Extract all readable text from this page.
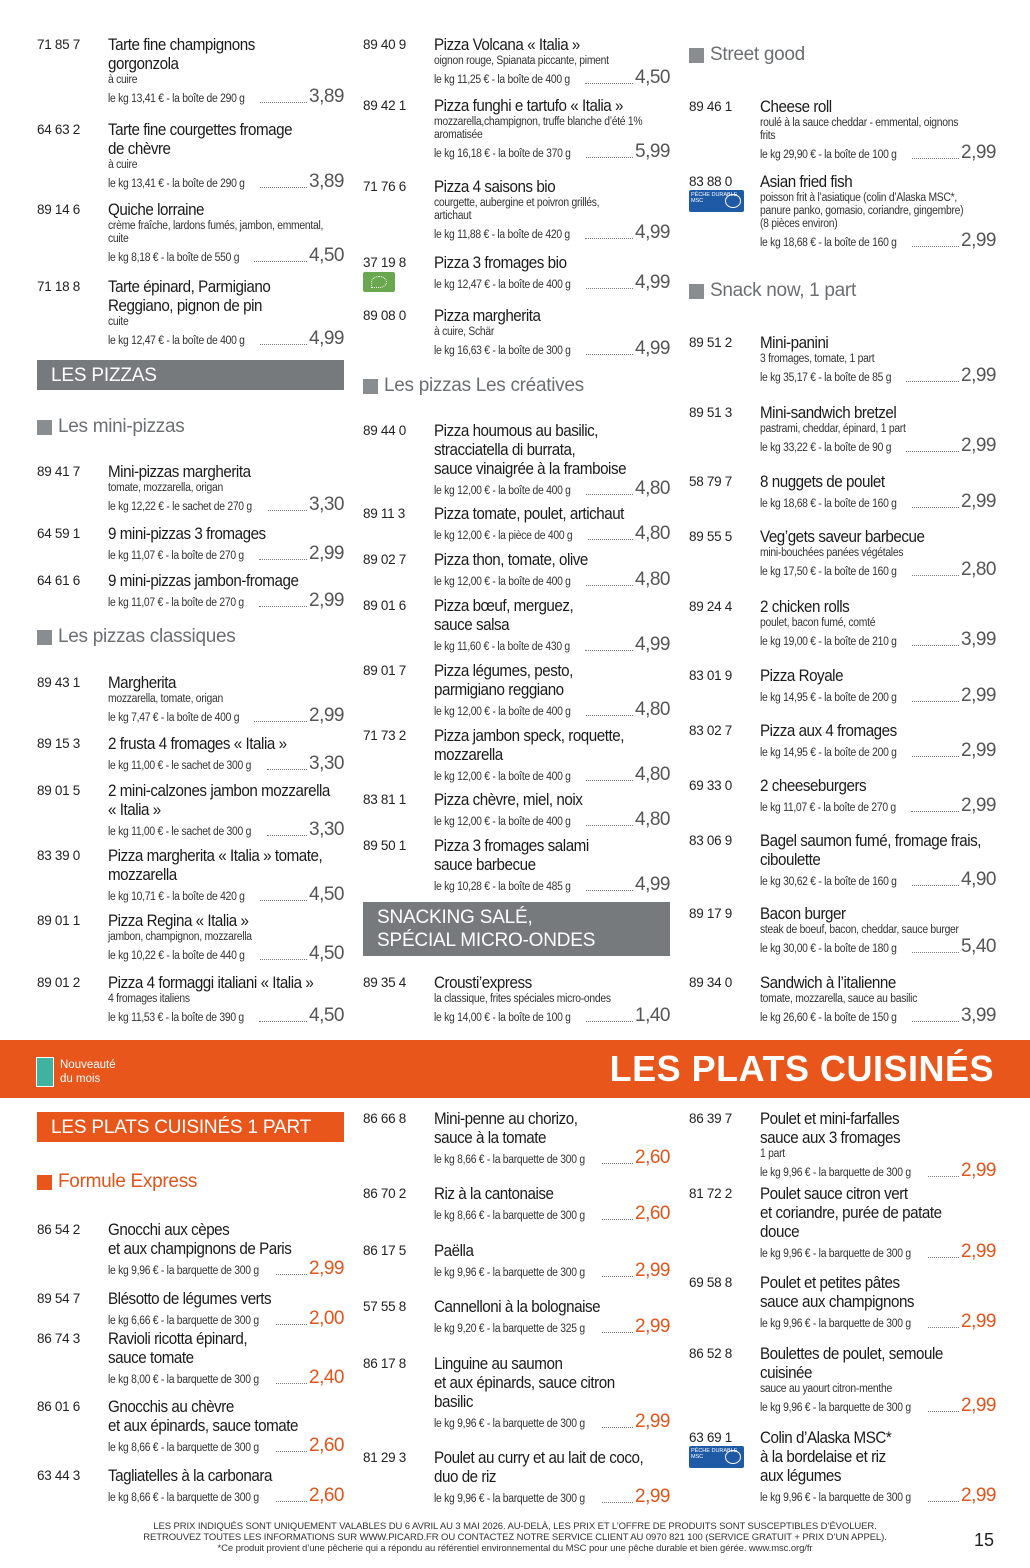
71 85 7 Tarte fine champignons
gorgonzola
à cuire
le kg 13,41 € - la boîte de 290 g	3,89
64 63 2 Tarte fine courgettes fromage
de chèvre
à cuire
le kg 13,41 € - la boîte de 290 g	3,89
89 14 6 Quiche lorraine
crème fraîche, lardons fumés, jambon, emmental,
cuite
le kg 8,18 € - la boîte de 550 g	4,50
71 18 8 Tarte épinard, Parmigiano
Reggiano, pignon de pin
cuite
le kg 12,47 € - la boîte de 400 g	4,99
89 41 7 Mini-pizzas margherita
tomate, mozzarella, origan
le kg 12,22 € - le sachet de 270 g	3,30
64 59 1 9 mini-pizzas 3 fromages
le kg 11,07 € - la boîte de 270 g	2,99
64 61 6 9 mini-pizzas jambon-fromage
le kg 11,07 € - la boîte de 270 g	2,99
89 43 1 Margherita
mozzarella, tomate, origan
le kg 7,47 € - la boîte de 400 g	2,99
89 15 3 2 frusta 4 fromages « Italia »
le kg 11,00 € - le sachet de 300 g	3,30
89 01 5 2 mini-calzones jambon mozzarella
« Italia »
le kg 11,00 € - le sachet de 300 g	3,30
83 39 0 Pizza margherita « Italia » tomate,
mozzarella
le kg 10,71 € - la boîte de 420 g	4,50
89 01 1 Pizza Regina « Italia »
jambon, champignon, mozzarella
le kg 10,22 € - la boîte de 440 g	4,50
89 01 2 Pizza 4 formaggi italiani « Italia »
4 fromages italiens
le kg 11,53 € - la boîte de 390 g	4,50
89 40 9 Pizza Volcana « Italia »
oignon rouge, Spianata piccante, piment
le kg 11,25 € - la boîte de 400 g	4,50
89 42 1 Pizza funghi e tartufo « Italia »
mozzarella,champignon, truffe blanche d’été 1%
aromatisée
le kg 16,18 € - la boîte de 370 g	5,99
71 76 6 Pizza 4 saisons bio
courgette, aubergine et poivron grillés,
artichaut
le kg 11,88 € - la boîte de 420 g	4,99
37 19 8 Pizza 3 fromages bio
le kg 12,47 € - la boîte de 400 g	4,99
89 08 0 Pizza margherita
à cuire, Schär
le kg 16,63 € - la boîte de 300 g	4,99
89 44 0 Pizza houmous au basilic,
stracciatella di burrata,
sauce vinaigrée à la framboise
le kg 12,00 € - la boîte de 400 g	4,80
89 11 3 Pizza tomate, poulet, artichaut
le kg 12,00 € - la pièce de 400 g	4,80
89 02 7 Pizza thon, tomate, olive
le kg 12,00 € - la boîte de 400 g	4,80
89 01 6 Pizza bœuf, merguez,
sauce salsa
le kg 11,60 € - la boîte de 430 g	4,99
89 01 7 Pizza légumes, pesto,
parmigiano reggiano
le kg 12,00 € - la boîte de 400 g	4,80
71 73 2 Pizza jambon speck, roquette,
mozzarella
le kg 12,00 € - la boîte de 400 g	4,80
83 81 1 Pizza chèvre, miel, noix
le kg 12,00 € - la boîte de 400 g	4,80
89 50 1 Pizza 3 fromages salami
sauce barbecue
le kg 10,28 € - la boîte de 485 g	4,99
89 35 4 Crousti’express
la classique, frites spéciales micro-ondes
le kg 14,00 € - la boîte de 100 g	1,40
89 46 1 Cheese roll
roulé à la sauce cheddar - emmental, oignons
frits
le kg 29,90 € - la boîte de 100 g	2,99
83 88 0 Asian fried fish
poisson frit à l’asiatique (colin d’Alaska MSC*,
panure panko, gomasio, coriandre, gingembre)
(8 pièces environ)
le kg 18,68 € - la boîte de 160 g	2,99
89 51 2 Mini-panini
3 fromages, tomate, 1 part
le kg 35,17 € - la boîte de 85 g	2,99
89 51 3 Mini-sandwich bretzel
pastrami, cheddar, épinard, 1 part
le kg 33,22 € - la boîte de 90 g	2,99
58 79 7 8 nuggets de poulet
le kg 18,68 € - la boîte de 160 g	2,99
89 55 5 Veg’gets saveur barbecue
mini-bouchées panées végétales
le kg 17,50 € - la boîte de 160 g	2,80
89 24 4 2 chicken rolls
poulet, bacon fumé, comté
le kg 19,00 € - la boîte de 210 g	3,99
83 01 9 Pizza Royale
le kg 14,95 € - la boîte de 200 g	2,99
83 02 7 Pizza aux 4 fromages
le kg 14,95 € - la boîte de 200 g	2,99
69 33 0 2 cheeseburgers
le kg 11,07 € - la boîte de 270 g	2,99
83 06 9 Bagel saumon fumé, fromage frais,
ciboulette
le kg 30,62 € - la boîte de 160 g	4,90
89 17 9 Bacon burger
steak de boeuf, bacon, cheddar, sauce burger
le kg 30,00 € - la boîte de 180 g	5,40
89 34 0 Sandwich à l’italienne
tomate, mozzarella, sauce au basilic
le kg 26,60 € - la boîte de 150 g	3,99
86 54 2 Gnocchi aux cèpes
et aux champignons de Paris
le kg 9,96 € - la barquette de 300 g	2,99
89 54 7 Blésotto de légumes verts
le kg 6,66 € - la barquette de 300 g	2,00
86 74 3 Ravioli ricotta épinard,
sauce tomate
le kg 8,00 € - la barquette de 300 g	2,40
86 01 6 Gnocchis au chèvre
et aux épinards, sauce tomate
le kg 8,66 € - la barquette de 300 g	2,60
63 44 3 Tagliatelles à la carbonara
le kg 8,66 € - la barquette de 300 g	2,60
86 66 8 Mini-penne au chorizo,
sauce à la tomate
le kg 8,66 € - la barquette de 300 g	2,60
86 70 2 Riz à la cantonaise
le kg 8,66 € - la barquette de 300 g	2,60
86 17 5 Paëlla
le kg 9,96 € - la barquette de 300 g	2,99
57 55 8 Cannelloni à la bolognaise
le kg 9,20 € - la barquette de 325 g	2,99
86 17 8 Linguine au saumon
et aux épinards, sauce citron
basilic
le kg 9,96 € - la barquette de 300 g	2,99
81 29 3 Poulet au curry et au lait de coco,
duo de riz
le kg 9,96 € - la barquette de 300 g	2,99
86 39 7 Poulet et mini-farfalles
sauce aux 3 fromages
1 part
le kg 9,96 € - la barquette de 300 g	2,99
81 72 2 Poulet sauce citron vert
et coriandre, purée de patate
douce
le kg 9,96 € - la barquette de 300 g	2,99
69 58 8 Poulet et petites pâtes
sauce aux champignons
le kg 9,96 € - la barquette de 300 g	2,99
86 52 8 Boulettes de poulet, semoule
cuisinée
sauce au yaourt citron-menthe
le kg 9,96 € - la barquette de 300 g	2,99
63 69 1 Colin d’Alaska MSC*
à la bordelaise et riz
aux légumes
le kg 9,96 € - la barquette de 300 g	2,99
LES PIZZAS
SNACKING SALÉ,
SPÉCIAL MICRO-ONDES
LES PLATS CUISINÉS 1 PART
Les mini-pizzas
Les pizzas classiques
Les pizzas Les créatives
Street good
Snack now, 1 part
Formule Express
PÊCHE DURABLE MSC
PÊCHE DURABLE MSC
Nouveauté
du mois	LES PLATS CUISINÉS
LES PRIX INDIQUÉS SONT UNIQUEMENT VALABLES DU 6 AVRIL AU 3 MAI 2026. AU-DELÀ, LES PRIX ET L’OFFRE DE PRODUITS SONT SUSCEPTIBLES D’ÉVOLUER.
RETROUVEZ TOUTES LES INFORMATIONS SUR WWW.PICARD.FR OU CONTACTEZ NOTRE SERVICE CLIENT AU 0970 821 100 (SERVICE GRATUIT + PRIX D’UN APPEL).
*Ce produit provient d’une pêcherie qui a répondu au référentiel environnemental du MSC pour une pêche durable et bien gérée. www.msc.org/fr	15
